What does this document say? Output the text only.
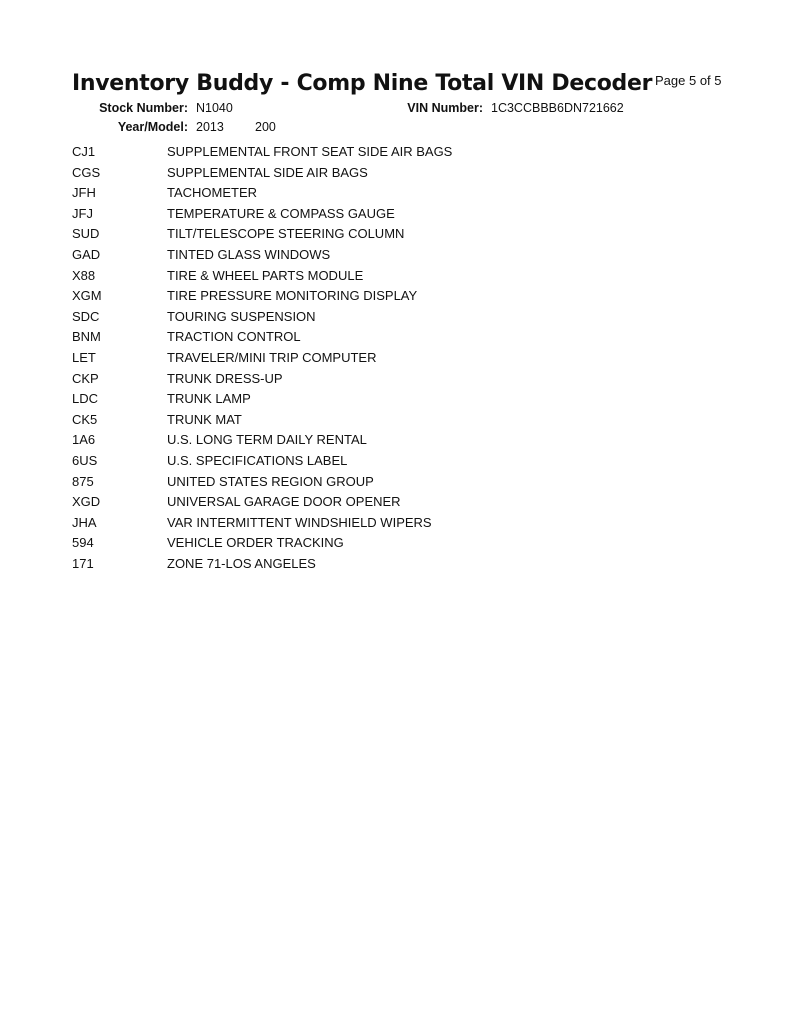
Inventory Buddy - Comp Nine Total VIN Decoder Page 5 of 5
Stock Number: N1040	VIN Number: 1C3CCBBB6DN721662
Year/Model: 2013 200
CJ1	SUPPLEMENTAL FRONT SEAT SIDE AIR BAGS
CGS	SUPPLEMENTAL SIDE AIR BAGS
JFH	TACHOMETER
JFJ	TEMPERATURE & COMPASS GAUGE
SUD	TILT/TELESCOPE STEERING COLUMN
GAD	TINTED GLASS WINDOWS
X88	TIRE & WHEEL PARTS MODULE
XGM	TIRE PRESSURE MONITORING DISPLAY
SDC	TOURING SUSPENSION
BNM	TRACTION CONTROL
LET	TRAVELER/MINI TRIP COMPUTER
CKP	TRUNK DRESS-UP
LDC	TRUNK LAMP
CK5	TRUNK MAT
1A6	U.S. LONG TERM DAILY RENTAL
6US	U.S. SPECIFICATIONS LABEL
875	UNITED STATES REGION GROUP
XGD	UNIVERSAL GARAGE DOOR OPENER
JHA	VAR INTERMITTENT WINDSHIELD WIPERS
594	VEHICLE ORDER TRACKING
171	ZONE 71-LOS ANGELES
